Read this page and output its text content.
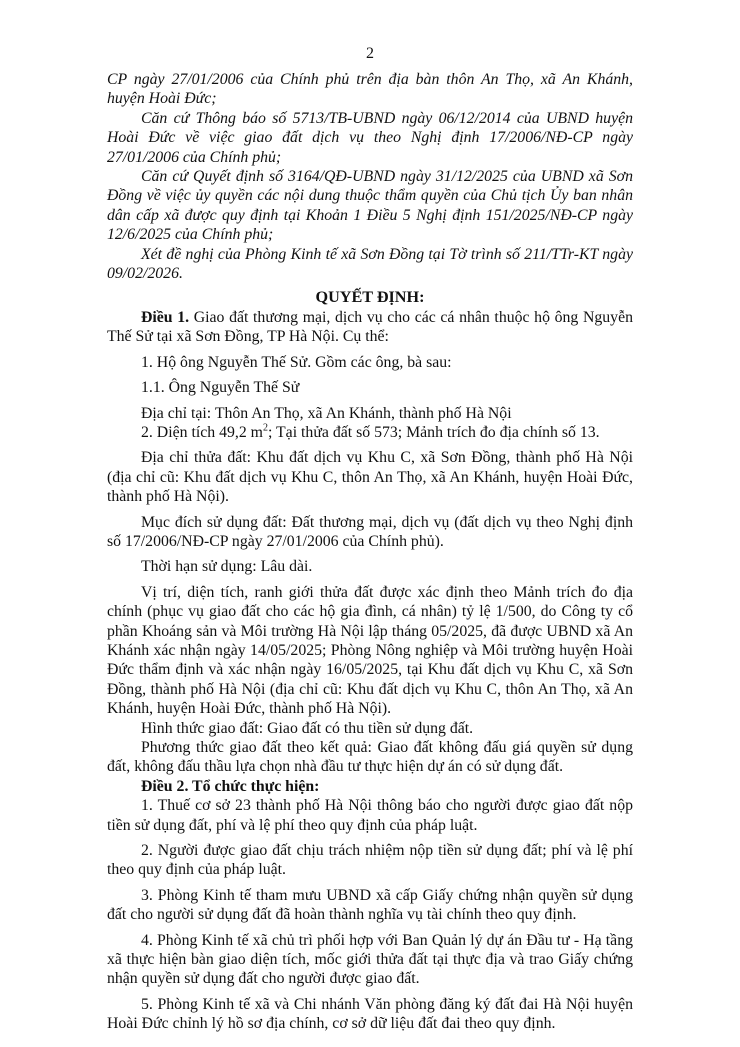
2

CP ngày 27/01/2006 của Chính phủ trên địa bàn thôn An Thọ, xã An Khánh, huyện Hoài Đức;

Căn cứ Thông báo số 5713/TB-UBND ngày 06/12/2014 của UBND huyện Hoài Đức về việc giao đất dịch vụ theo Nghị định 17/2006/NĐ-CP ngày 27/01/2006 của Chính phủ;

Căn cứ Quyết định số 3164/QĐ-UBND ngày 31/12/2025 của UBND xã Sơn Đồng về việc ủy quyền các nội dung thuộc thẩm quyền của Chủ tịch Ủy ban nhân dân cấp xã được quy định tại Khoản 1 Điều 5 Nghị định 151/2025/NĐ-CP ngày 12/6/2025 của Chính phủ;

Xét đề nghị của Phòng Kinh tế xã Sơn Đồng tại Tờ trình số 211/TTr-KT ngày 09/02/2026.

QUYẾT ĐỊNH:

Điều 1. Giao đất thương mại, dịch vụ cho các cá nhân thuộc hộ ông Nguyễn Thế Sử tại xã Sơn Đồng, TP Hà Nội. Cụ thể:

1. Hộ ông Nguyễn Thế Sử. Gồm các ông, bà sau:

1.1. Ông Nguyễn Thế Sử

Địa chỉ tại: Thôn An Thọ, xã An Khánh, thành phố Hà Nội

2. Diện tích 49,2 $m^2$; Tại thửa đất số 573; Mảnh trích đo địa chính số 13.

Địa chỉ thửa đất: Khu đất dịch vụ Khu C, xã Sơn Đồng, thành phố Hà Nội (địa chỉ cũ: Khu đất dịch vụ Khu C, thôn An Thọ, xã An Khánh, huyện Hoài Đức, thành phố Hà Nội).

Mục đích sử dụng đất: Đất thương mại, dịch vụ (đất dịch vụ theo Nghị định số 17/2006/NĐ-CP ngày 27/01/2006 của Chính phủ).

Thời hạn sử dụng: Lâu dài.

Vị trí, diện tích, ranh giới thửa đất được xác định theo Mảnh trích đo địa chính (phục vụ giao đất cho các hộ gia đình, cá nhân) tỷ lệ 1/500, do Công ty cổ phần Khoáng sản và Môi trường Hà Nội lập tháng 05/2025, đã được UBND xã An Khánh xác nhận ngày 14/05/2025; Phòng Nông nghiệp và Môi trường huyện Hoài Đức thẩm định và xác nhận ngày 16/05/2025, tại Khu đất dịch vụ Khu C, xã Sơn Đồng, thành phố Hà Nội (địa chỉ cũ: Khu đất dịch vụ Khu C, thôn An Thọ, xã An Khánh, huyện Hoài Đức, thành phố Hà Nội).

Hình thức giao đất: Giao đất có thu tiền sử dụng đất.

Phương thức giao đất theo kết quả: Giao đất không đấu giá quyền sử dụng đất, không đấu thầu lựa chọn nhà đầu tư thực hiện dự án có sử dụng đất.

Điều 2. Tổ chức thực hiện:

1. Thuế cơ sở 23 thành phố Hà Nội thông báo cho người được giao đất nộp tiền sử dụng đất, phí và lệ phí theo quy định của pháp luật.

2. Người được giao đất chịu trách nhiệm nộp tiền sử dụng đất; phí và lệ phí theo quy định của pháp luật.

3. Phòng Kinh tế tham mưu UBND xã cấp Giấy chứng nhận quyền sử dụng đất cho người sử dụng đất đã hoàn thành nghĩa vụ tài chính theo quy định.

4. Phòng Kinh tế xã chủ trì phối hợp với Ban Quản lý dự án Đầu tư - Hạ tầng xã thực hiện bàn giao diện tích, mốc giới thửa đất tại thực địa và trao Giấy chứng nhận quyền sử dụng đất cho người được giao đất.

5. Phòng Kinh tế xã và Chi nhánh Văn phòng đăng ký đất đai Hà Nội huyện Hoài Đức chỉnh lý hồ sơ địa chính, cơ sở dữ liệu đất đai theo quy định.
